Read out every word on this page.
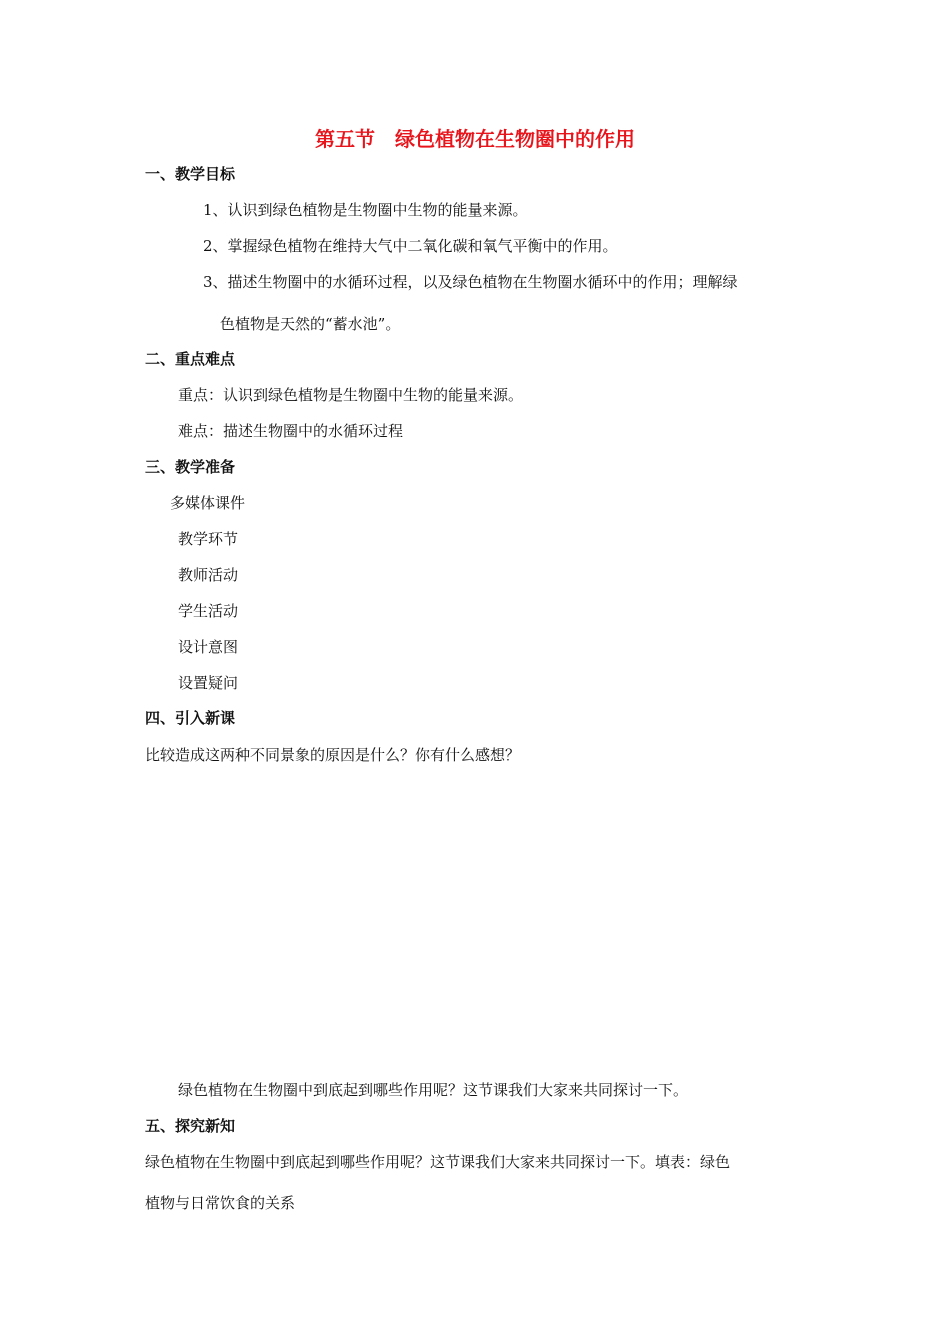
第五节　绿色植物在生物圈中的作用
一、教学目标
1、认识到绿色植物是生物圈中生物的能量来源。
2、掌握绿色植物在维持大气中二氧化碳和氧气平衡中的作用。
3、描述生物圈中的水循环过程，以及绿色植物在生物圈水循环中的作用；理解绿
色植物是天然的“蓄水池”。
二、重点难点
重点：认识到绿色植物是生物圈中生物的能量来源。
难点：描述生物圈中的水循环过程
三、教学准备
多媒体课件
教学环节
教师活动
学生活动
设计意图
设置疑问
四、引入新课
比较造成这两种不同景象的原因是什么？你有什么感想？
绿色植物在生物圈中到底起到哪些作用呢？这节课我们大家来共同探讨一下。
五、探究新知
绿色植物在生物圈中到底起到哪些作用呢？这节课我们大家来共同探讨一下。填表：绿色
植物与日常饮食的关系
